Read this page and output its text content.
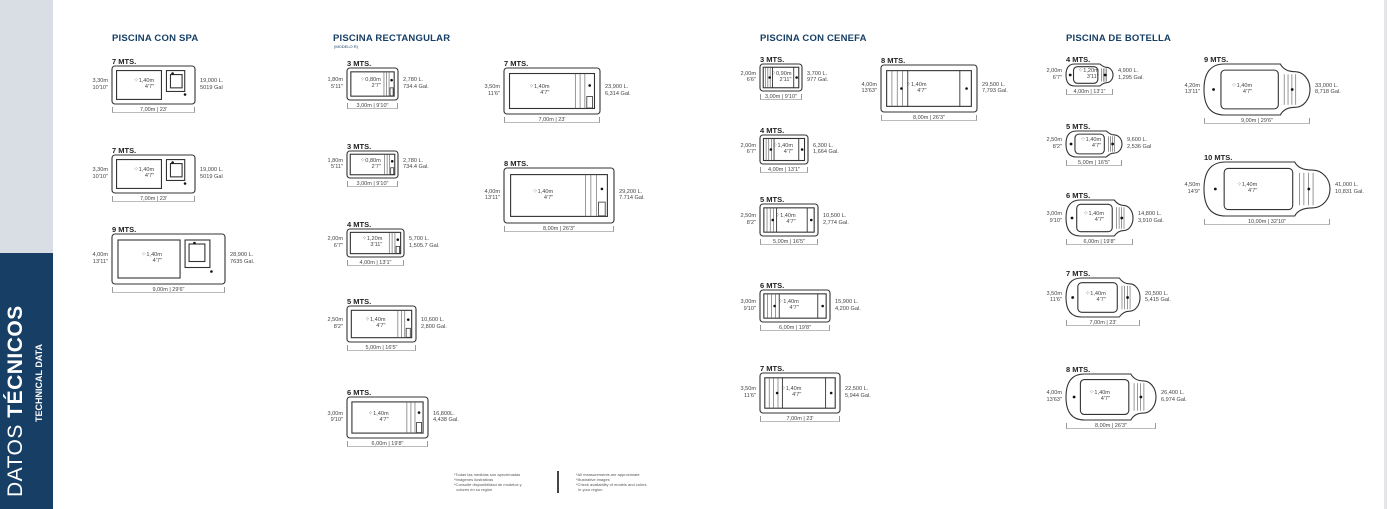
DATOS TÉCNICOS TECHNICAL DATA
PISCINA CON SPA	PISCINA RECTANGULAR
(MODELO R)
PISCINA CON CENEFA	PISCINA DE BOTELLA
7 MTS.
3,30m
10'10"
19,000 L.
5019 Gal
⁘1,40m
4'7"
7,00m | 23'
7 MTS.
3,30m
10'10"
19,000 L.
5019 Gal
⁘1,40m
4'7"
7,00m | 23'
9 MTS.
4,00m
13'11"
28,900 L.
7635 Gal.
⁘1,40m
4'7"
9,00m | 29'6"
3 MTS.
1,80m
5'11"
2,780 L.
734.4 Gal.
⁘0,80m
2'7"
3,00m | 9'10"
3 MTS.
1,80m
5'11"
2,780 L.
734.4 Gal.
⁘0,80m
2'7"
3,00m | 9'10"
4 MTS.
2,00m
6'7"
5,700 L.
1,505.7 Gal.
⁘1,20m
3'11"
4,00m | 13'1"
5 MTS.
2,50m
8'2"
10,600 L.
2,800 Gal.
⁘1,40m
4'7"
5,00m | 16'5"
6 MTS.
3,00m
9'10"
16,800L.
4,438 Gal.
⁘1,40m
4'7"
6,00m | 19'8"
7 MTS.
3,50m
11'6"
23,900 L.
6,314 Gal.
⁘1,40m
4'7"
7,00m | 23'
8 MTS.
4,00m
13'11"
29,200 L.
7.714 Gal.
⁘1,40m
4'7"
8,00m | 26'3"
3 MTS.
2,00m
6'6"
3,700 L.
977 Gal.
⁘0,90m
2'11"
3,00m | 9'10"
4 MTS.
2,00m
6'7"
6,300 L.
1,664 Gal.
⁘1,40m
4'7"
4,00m | 13'1"
5 MTS.
2,50m
8'2"
10,500 L.
2,774 Gal.
⁘1,40m
4'7"
5,00m | 16'5"
6 MTS.
3,00m
9'10"
15,900 L.
4,200 Gal.
⁘1,40m
4'7"
6,00m | 19'8"
7 MTS.
3,50m
11'6"
22,500 L.
5,944 Gal.
⁘1,40m
4'7"
7,00m | 23'
8 MTS.
4,00m
13'63"
29,500 L.
7,793 Gal.
⁘1,40m
4'7"
8,00m | 26'3"
4 MTS.
2,00m
6'7"
4,900 L.
1,295 Gal.
⁘1,20m
3'11"
4,00m | 13'1"
5 MTS.
2,50m
8'2"
9,600 L.
2,536 Gal
⁘1,40m
4'7"
5,00m | 16'5"
6 MTS.
3,00m
9'10"
14,800 L.
3,910 Gal.
⁘1,40m
4'7"
6,00m | 19'8"
7 MTS.
3,50m
11'6"
20,500 L.
5,415 Gal.
⁘1,40m
4'7"
7,00m | 23'
8 MTS.
4,00m
13'63"
26,400 L.
6,974 Gal.
⁘1,40m
4'7"
8,00m | 26'3"
9 MTS.
4,20m
13'11"
33,000 L.
8,718 Gal.
⁘1,40m
4'7"
9,00m | 29'6"
10 MTS.
4,50m
14'9"
41,000 L.
10,831 Gal.
⁘1,40m
4'7"
10,00m | 32'10"
*Todas las medidas son aproximadas
*Imágenes ilustrativas
*Consulte disponibilidad de modelos y
colores en su región
*All measurements are approximate
*Illustrative images
*Check availability of models and colors
in your region
